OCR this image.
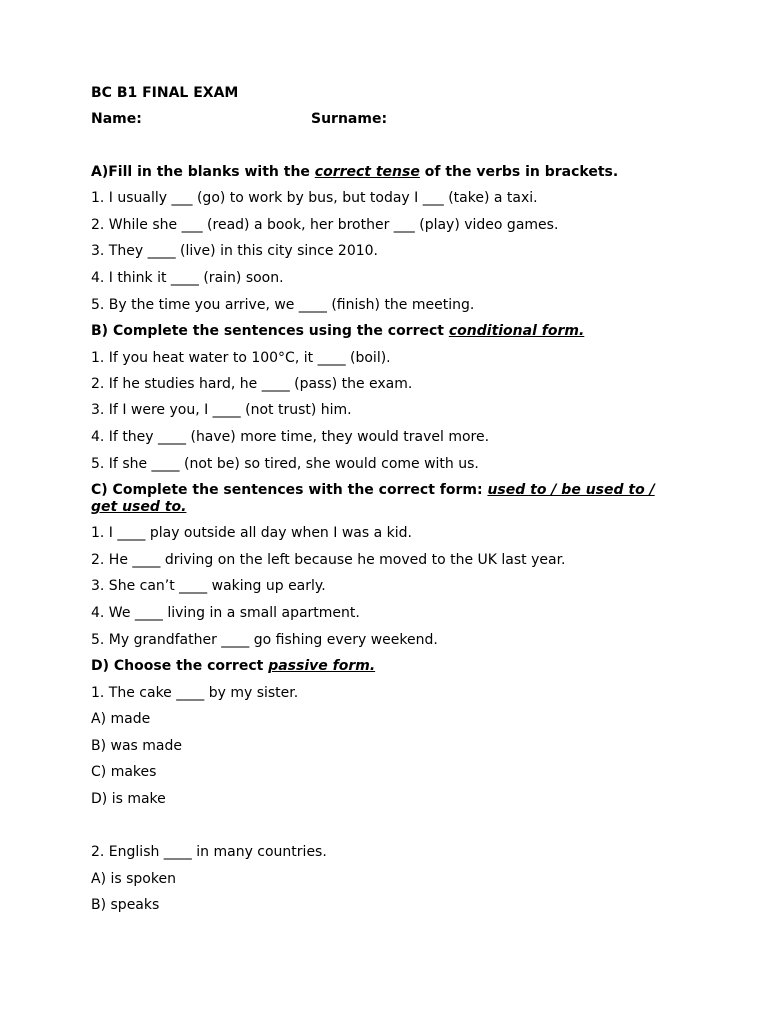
BC B1 FINAL EXAM
Name:	Surname:
A)Fill in the blanks with the correct tense of the verbs in brackets.
1. I usually ___ (go) to work by bus, but today I ___ (take) a taxi.
2. While she ___ (read) a book, her brother ___ (play) video games.
3. They ____ (live) in this city since 2010.
4. I think it ____ (rain) soon.
5. By the time you arrive, we ____ (finish) the meeting.
B) Complete the sentences using the correct conditional form.
1. If you heat water to 100°C, it ____ (boil).
2. If he studies hard, he ____ (pass) the exam.
3. If I were you, I ____ (not trust) him.
4. If they ____ (have) more time, they would travel more.
5. If she ____ (not be) so tired, she would come with us.
C) Complete the sentences with the correct form: used to / be used to /
get used to.
1. I ____ play outside all day when I was a kid.
2. He ____ driving on the left because he moved to the UK last year.
3. She can’t ____ waking up early.
4. We ____ living in a small apartment.
5. My grandfather ____ go fishing every weekend.
D) Choose the correct passive form.
1. The cake ____ by my sister.
A) made
B) was made
C) makes
D) is make
2. English ____ in many countries.
A) is spoken
B) speaks
